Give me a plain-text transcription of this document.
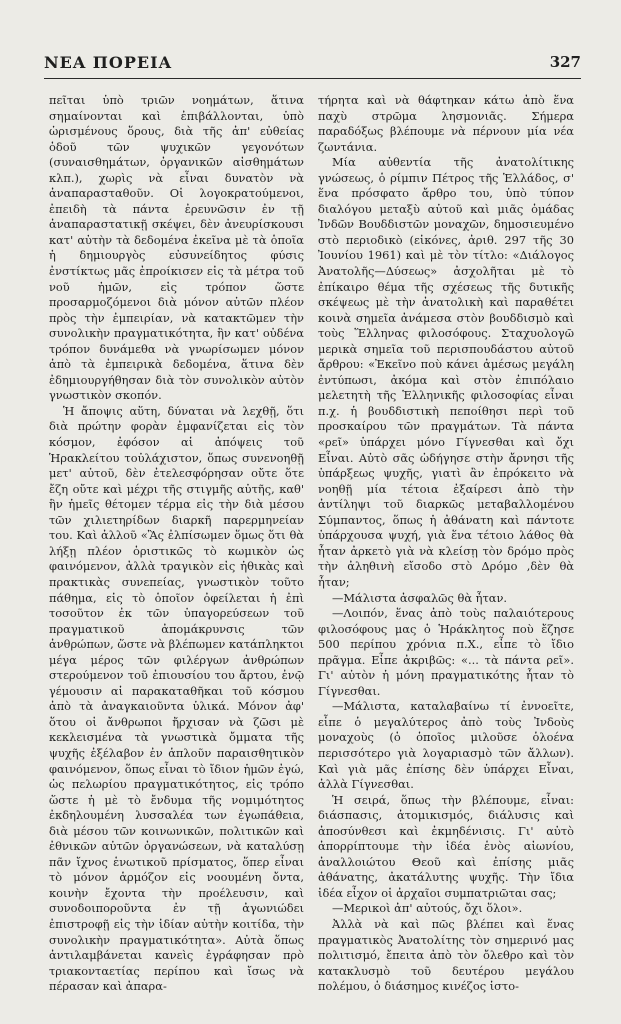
ΝΕΑ ΠΟΡΕΙΑ	327

πεῖται ὑπὸ τριῶν νοημάτων, ἅτινα σημαίνονται καὶ ἐπιβάλλονται, ὑπὸ ὡρισμένους ὅρους, διὰ τῆς ἀπ' εὐθείας ὁδοῦ τῶν ψυχικῶν γεγονότων (συναισθημάτων, ὀργανικῶν αἰσθημάτων κλπ.), χωρὶς νὰ εἶναι δυνατὸν νὰ ἀναπαρασταθοῦν. Οἱ λογοκρατούμενοι, ἐπειδὴ τὰ πάντα ἐρευνῶσιν ἐν τῇ ἀναπαραστατικῇ σκέψει, δὲν ἀνευρίσκουσι κατ' αὐτὴν τὰ δεδομένα ἐκεῖνα μὲ τὰ ὁποῖα ἡ δημιουργὸς εὐσυνείδητος φύσις ἐνστίκτως μᾶς ἐπροίκισεν εἰς τὰ μέτρα τοῦ νοῦ ἡμῶν, εἰς τρόπον ὥστε προσαρμοζόμενοι διὰ μόνον αὐτῶν πλέον πρὸς τὴν ἐμπειρίαν, νὰ κατακτῶμεν τὴν συνολικὴν πραγματικότητα, ἣν κατ' οὐδένα τρόπον δυνάμεθα νὰ γνωρίσωμεν μόνον ἀπὸ τὰ ἐμπειρικὰ δεδομένα, ἅτινα δὲν ἐδημιουργήθησαν διὰ τὸν συνολικὸν αὐτὸν γνωστικὸν σκοπόν.

Ἡ ἄποψις αὕτη, δύναται νὰ λεχθῇ, ὅτι διὰ πρώτην φορὰν ἐμφανίζεται εἰς τὸν κόσμον, ἐφόσον αἱ ἀπόψεις τοῦ Ἡρακλείτου τοὐλάχιστον, ὅπως συνενοηθῇ μετ' αὐτοῦ, δὲν ἐτελεσφόρησαν οὔτε ὅτε ἔζη οὔτε καὶ μέχρι τῆς στιγμῆς αὐτῆς, καθ' ἣν ἡμεῖς θέτομεν τέρμα εἰς τὴν διὰ μέσου τῶν χιλιετηρίδων διαρκῆ παρερμηνείαν του. Καὶ ἀλλοῦ «Ἂς ἐλπίσωμεν ὅμως ὅτι θὰ λήξῃ πλέον ὁριστικῶς τὸ κωμικὸν ὡς φαινόμενον, ἀλλὰ τραγικὸν εἰς ἠθικὰς καὶ πρακτικὰς συνεπείας, γνωστικὸν τοῦτο πάθημα, εἰς τὸ ὁποῖον ὀφείλεται ἡ ἐπὶ τοσοῦτον ἐκ τῶν ὑπαγορεύσεων τοῦ πραγματικοῦ ἀπομάκρυνσις τῶν ἀνθρώπων, ὥστε νὰ βλέπωμεν κατάπληκτοι μέγα μέρος τῶν φιλέργων ἀνθρώπων στερούμενον τοῦ ἐπιουσίου του ἄρτου, ἐνῷ γέμουσιν αἱ παρακαταθῆκαι τοῦ κόσμου ἀπὸ τὰ ἀναγκαιοῦντα ὑλικά. Μόνον ἀφ' ὅτου οἱ ἄνθρωποι ἤρχισαν νὰ ζῶσι μὲ κεκλεισμένα τὰ γνωστικὰ ὄμματα τῆς ψυχῆς ἐξέλαβον ἐν ἁπλοῦν παραισθητικὸν φαινόμενον, ὅπως εἶναι τὸ ἴδιον ἡμῶν ἐγώ, ὡς πελωρίου πραγματικότητος, εἰς τρόπο ὥστε ἡ μὲ τὸ ἔνδυμα τῆς νομιμότητος ἐκδηλουμένη λυσσαλέα των ἐγωπάθεια, διὰ μέσου τῶν κοινωνικῶν, πολιτικῶν καὶ ἐθνικῶν αὐτῶν ὀργανώσεων, νὰ καταλύσῃ πᾶν ἴχνος ἑνωτικοῦ πρίσματος, ὅπερ εἶναι τὸ μόνον ἁρμόζον εἰς νοουμένη ὄντα, κοινὴν ἔχοντα τὴν προέλευσιν, καὶ συνοδοιποροῦντα ἐν τῇ ἀγωνιώδει ἐπιστροφῇ εἰς τὴν ἰδίαν αὐτὴν κοιτίδα, τὴν συνολικὴν πραγματικότητα». Αὐτὰ ὅπως ἀντιλαμβάνεται κανεὶς ἐγράφησαν πρὸ τριακονταετίας περίπου καὶ ἴσως νὰ πέρασαν καὶ ἀπαρα-

τήρητα καὶ νὰ θάφτηκαν κάτω ἀπὸ ἕνα παχὺ στρῶμα λησμονιᾶς. Σήμερα παραδόξως βλέπουμε νὰ πέρνουν μία νέα ζωντάνια.

Μία αὐθεντία τῆς ἀνατολίτικης γνώσεως, ὁ ρίμπιν Πέτρος τῆς Ἑλλάδος, σ' ἕνα πρόσφατο ἄρθρο του, ὑπὸ τύπον διαλόγου μεταξὺ αὐτοῦ καὶ μιᾶς ὁμάδας Ἰνδῶν Βουδδιστῶν μοναχῶν, δημοσιευμένο στὸ περιοδικὸ (εἰκόνες, ἀριθ. 297 τῆς 30 Ἰουνίου 1961) καὶ μὲ τὸν τίτλο: «Διάλογος Ἀνατολῆς—Δύσεως» ἀσχολῆται μὲ τὸ ἐπίκαιρο θέμα τῆς σχέσεως τῆς δυτικῆς σκέψεως μὲ τὴν ἀνατολικὴ καὶ παραθέτει κοινὰ σημεῖα ἀνάμεσα στὸν βουδδισμὸ καὶ τοὺς Ἕλληνας φιλοσόφους. Σταχυολογῶ μερικὰ σημεῖα τοῦ περισπουδάστου αὐτοῦ ἄρθρου: «Ἐκεῖνο ποὺ κάνει ἀμέσως μεγάλη ἐντύπωσι, ἀκόμα καὶ στὸν ἐπιπόλαιο μελετητὴ τῆς Ἑλληνικῆς φιλοσοφίας εἶναι π.χ. ἡ βουδδιστικὴ πεποίθησι περὶ τοῦ προσκαίρου τῶν πραγμάτων. Τὰ πάντα «ρεῖ» ὑπάρχει μόνο Γίγνεσθαι καὶ ὄχι Εἶναι. Αὐτὸ σᾶς ὡδήγησε στὴν ἄρνησι τῆς ὑπάρξεως ψυχῆς, γιατὶ ἂν ἐπρόκειτο νὰ νοηθῇ μία τέτοια ἐξαίρεσι ἀπὸ τὴν ἀντίληψι τοῦ διαρκῶς μεταβαλλομένου Σύμπαντος, ὅπως ἡ ἀθάνατη καὶ πάντοτε ὑπάρχουσα ψυχή, γιὰ ἕνα τέτοιο λάθος θὰ ἦταν ἀρκετὸ γιὰ νὰ κλείσῃ τὸν δρόμο πρὸς τὴν ἀληθινὴ εἴσοδο στὸ Δρόμο ,δὲν θὰ ἦταν;

—Μάλιστα ἀσφαλῶς θὰ ἦταν.

—Λοιπόν, ἕνας ἀπὸ τοὺς παλαιότερους φιλοσόφους μας ὁ Ἡράκλητος ποὺ ἔζησε 500 περίπου χρόνια π.Χ., εἶπε τὸ ἴδιο πρᾶγμα. Εἶπε ἀκριβῶς: «... τὰ πάντα ρεῖ». Γι' αὐτὸν ἡ μόνη πραγματικότης ἦταν τὸ Γίγνεσθαι.

—Μάλιστα, καταλαβαίνω τί ἐννοεῖτε, εἶπε ὁ μεγαλύτερος ἀπὸ τοὺς Ἰνδοὺς μοναχοὺς (ὁ ὁποῖος μιλοῦσε ὁλοένα περισσότερο γιὰ λογαριασμὸ τῶν ἄλλων). Καὶ γιὰ μᾶς ἐπίσης δὲν ὑπάρχει Εἶναι, ἀλλὰ Γίγνεσθαι.

Ἡ σειρά, ὅπως τὴν βλέπουμε, εἶναι: διάσπασις, ἀτομικισμός, διάλυσις καὶ ἀποσύνθεσι καὶ ἐκμηδένισις. Γι' αὐτὸ ἀπορρίπτουμε τὴν ἰδέα ἑνὸς αἰωνίου, ἀναλλοιώτου Θεοῦ καὶ ἐπίσης μιᾶς ἀθάνατης, ἀκατάλυτης ψυχῆς. Τὴν ἴδια ἰδέα εἶχον οἱ ἀρχαῖοι συμπατριῶται σας;

—Μερικοὶ ἀπ' αὐτούς, ὄχι ὅλοι».

Ἀλλὰ νὰ καὶ πῶς βλέπει καὶ ἕνας πραγματικὸς Ἀνατολίτης τὸν σημερινό μας πολιτισμό, ἔπειτα ἀπὸ τὸν ὄλεθρο καὶ τὸν κατακλυσμὸ τοῦ δευτέρου μεγάλου πολέμου, ὁ διάσημος κινέζος ἱστο-
